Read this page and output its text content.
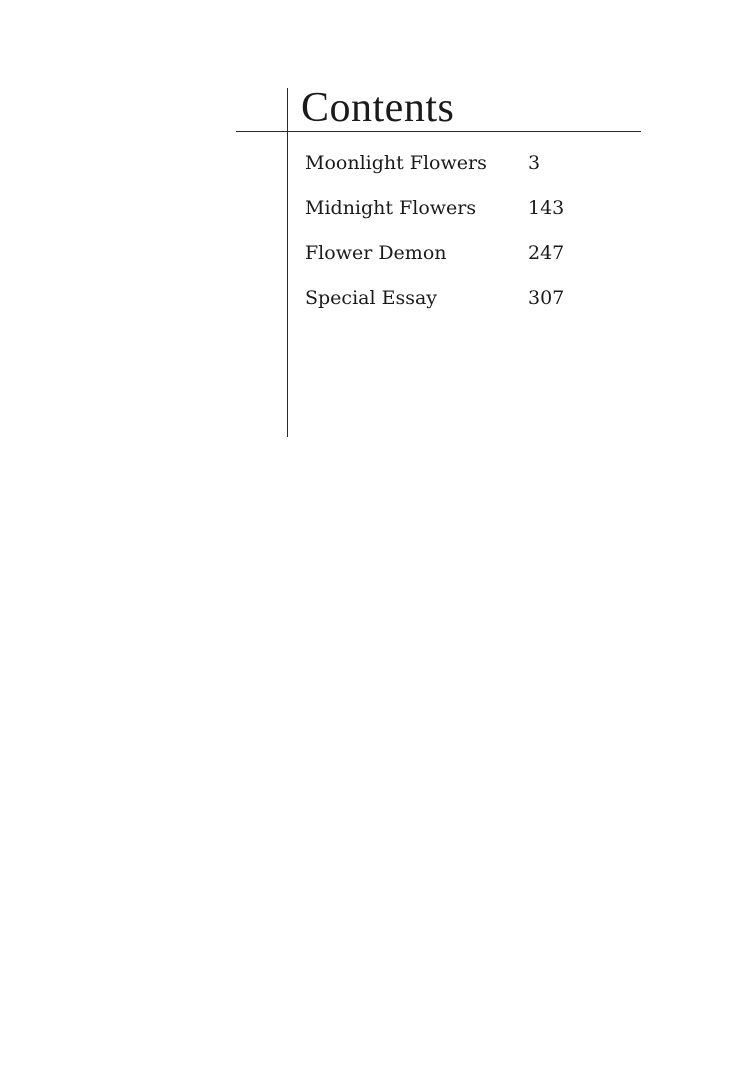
Contents
Moonlight Flowers 3
Midnight Flowers	143
Flower Demon	247
Special Essay	307
